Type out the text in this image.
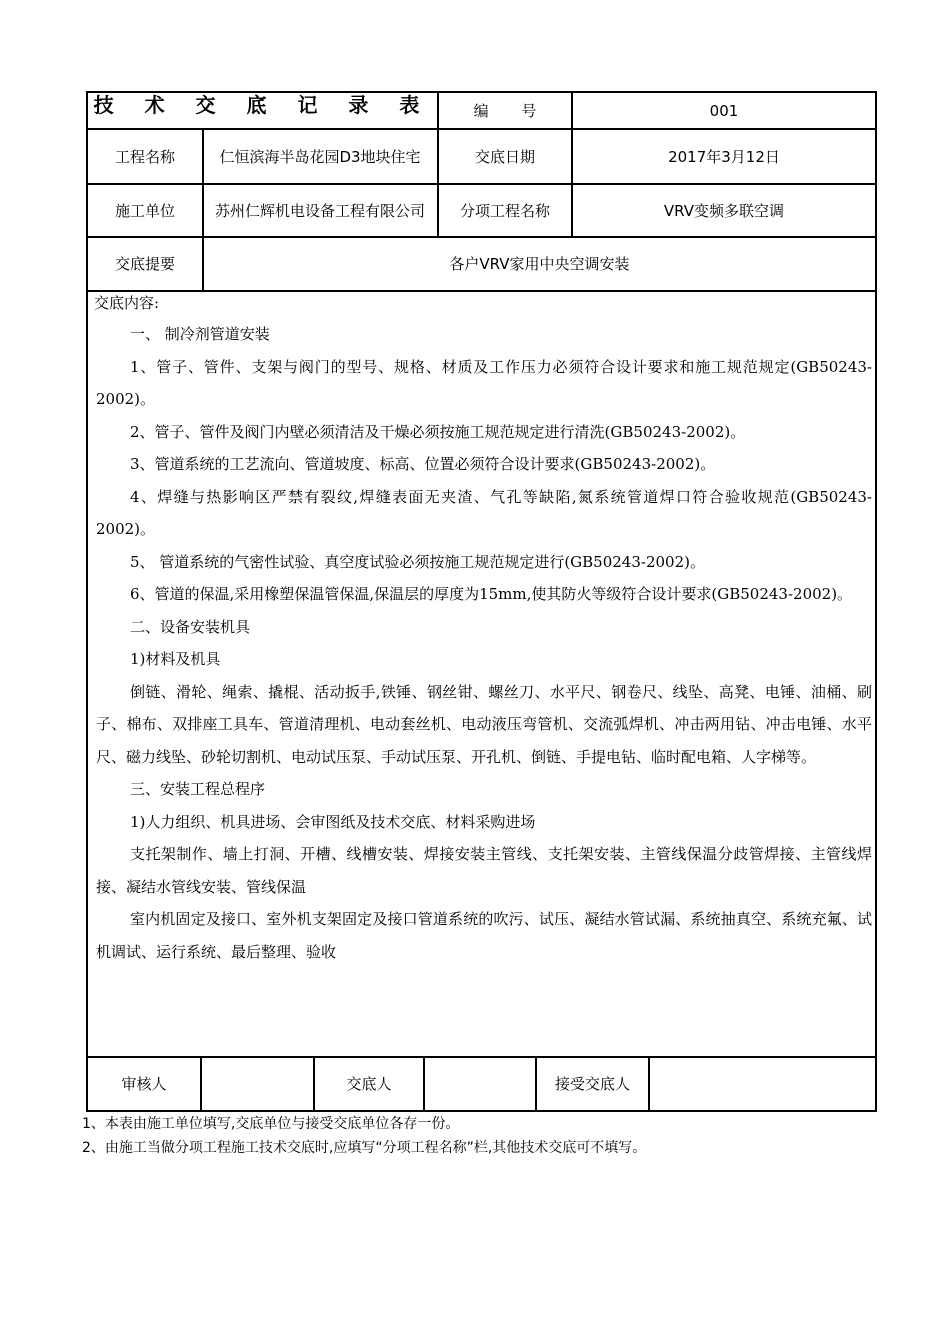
技 术 交 底 记 录 表	编 号	001
工程名称	仁恒滨海半岛花园D3地块住宅	交底日期	2017年3月12日
施工单位	苏州仁辉机电设备工程有限公司	分项工程名称	VRV变频多联空调
交底提要	各户VRV家用中央空调安装

交底内容:

一、 制冷剂管道安装

1、管子、管件、支架与阀门的型号、规格、材质及工作压力必须符合设计要求和施工规范规定(GB50243-2002)。

2、管子、管件及阀门内壁必须清洁及干燥必须按施工规范规定进行清洗(GB50243-2002)。

3、管道系统的工艺流向、管道坡度、标高、位置必须符合设计要求(GB50243-2002)。

4、焊缝与热影响区严禁有裂纹,焊缝表面无夹渣、气孔等缺陷,氮系统管道焊口符合验收规范(GB50243-2002)。

5、 管道系统的气密性试验、真空度试验必须按施工规范规定进行(GB50243-2002)。

6、管道的保温,采用橡塑保温管保温,保温层的厚度为15mm,使其防火等级符合设计要求(GB50243-2002)。

二、设备安装机具

1)材料及机具

倒链、滑轮、绳索、撬棍、活动扳手,铁锤、钢丝钳、螺丝刀、水平尺、钢卷尺、线坠、高凳、电锤、油桶、刷子、棉布、双排座工具车、管道清理机、电动套丝机、电动液压弯管机、交流弧焊机、冲击两用钻、冲击电锤、水平尺、磁力线坠、砂轮切割机、电动试压泵、手动试压泵、开孔机、倒链、手提电钻、临时配电箱、人字梯等。

三、安装工程总程序

1)人力组织、机具进场、会审图纸及技术交底、材料采购进场

支托架制作、墙上打洞、开槽、线槽安装、焊接安装主管线、支托架安装、主管线保温分歧管焊接、主管线焊接、凝结水管线安装、管线保温

室内机固定及接口、室外机支架固定及接口管道系统的吹污、试压、凝结水管试漏、系统抽真空、系统充氟、试机调试、运行系统、最后整理、验收

审核人	交底人	接受交底人
1、本表由施工单位填写,交底单位与接受交底单位各存一份。
2、由施工当做分项工程施工技术交底时,应填写“分项工程名称”栏,其他技术交底可不填写。
